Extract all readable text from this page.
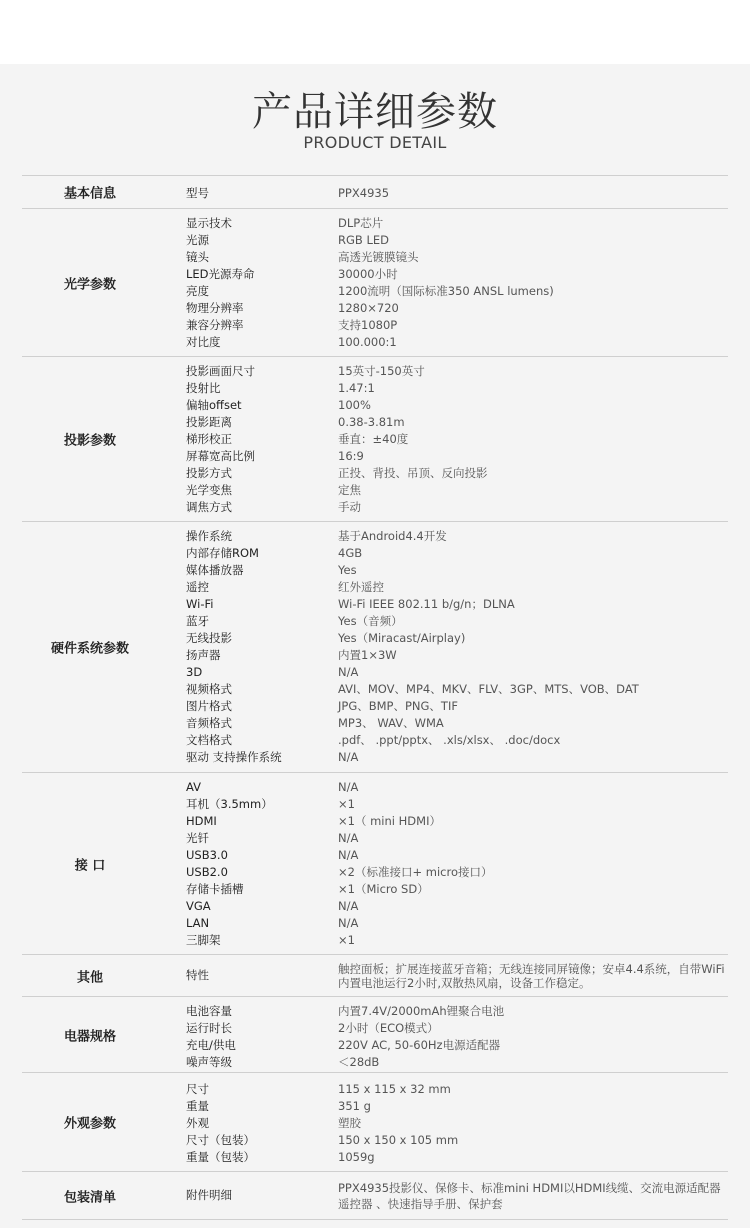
产品详细参数
PRODUCT DETAIL
基本信息	型号	PPX4935
光学参数
显示技术	DLP芯片
光源	RGB LED
镜头	高透光镀膜镜头
LED光源寿命	30000小时
亮度	1200流明（国际标准350 ANSL lumens)
物理分辨率	1280×720
兼容分辨率	支持1080P
对比度	100.000:1
投影参数
投影画面尺寸	15英寸-150英寸
投射比	1.47:1
偏轴offset	100%
投影距离	0.38-3.81m
梯形校正	垂直：±40度
屏幕宽高比例	16:9
投影方式	正投、背投、吊顶、反向投影
光学变焦	定焦
调焦方式	手动
硬件系统参数
操作系统	基于Android4.4开发
内部存储ROM	4GB
媒体播放器	Yes
遥控	红外遥控
Wi-Fi	Wi-Fi IEEE 802.11 b/g/n；DLNA
蓝牙	Yes（音频）
无线投影	Yes（Miracast/Airplay)
扬声器	内置1×3W
3D	N/A
视频格式	AVI、MOV、MP4、MKV、FLV、3GP、MTS、VOB、DAT
图片格式	JPG、BMP、PNG、TIF
音频格式	MP3、 WAV、WMA
文档格式	.pdf、 .ppt/pptx、 .xls/xlsx、 .doc/docx
驱动 支持操作系统	N/A
接 口
AV	N/A
耳机（3.5mm）	×1
HDMI	×1（ mini HDMI）
光钎	N/A
USB3.0	N/A
USB2.0	×2（标准接口+ micro接口）
存储卡插槽	×1（Micro SD）
VGA	N/A
LAN	N/A
三脚架	×1
其他	特性	触控面板；扩展连接蓝牙音箱；无线连接同屏镜像；安卓4.4系统，自带WiFi 内置电池运行2小时,双散热风扇，设备工作稳定。
电器规格
电池容量	内置7.4V/2000mAh锂聚合电池
运行时长	2小时（ECO模式）
充电/供电	220V AC, 50-60Hz电源适配器
噪声等级	＜28dB
外观参数
尺寸	115 x 115 x 32 mm
重量	351 g
外观	塑胶
尺寸（包装）	150 x 150 x 105 mm
重量（包装）	1059g
包装清单	附件明细	PPX4935投影仪、保修卡、标准mini HDMI以HDMI线缆、交流电源适配器 遥控器 、快速指导手册、保护套
